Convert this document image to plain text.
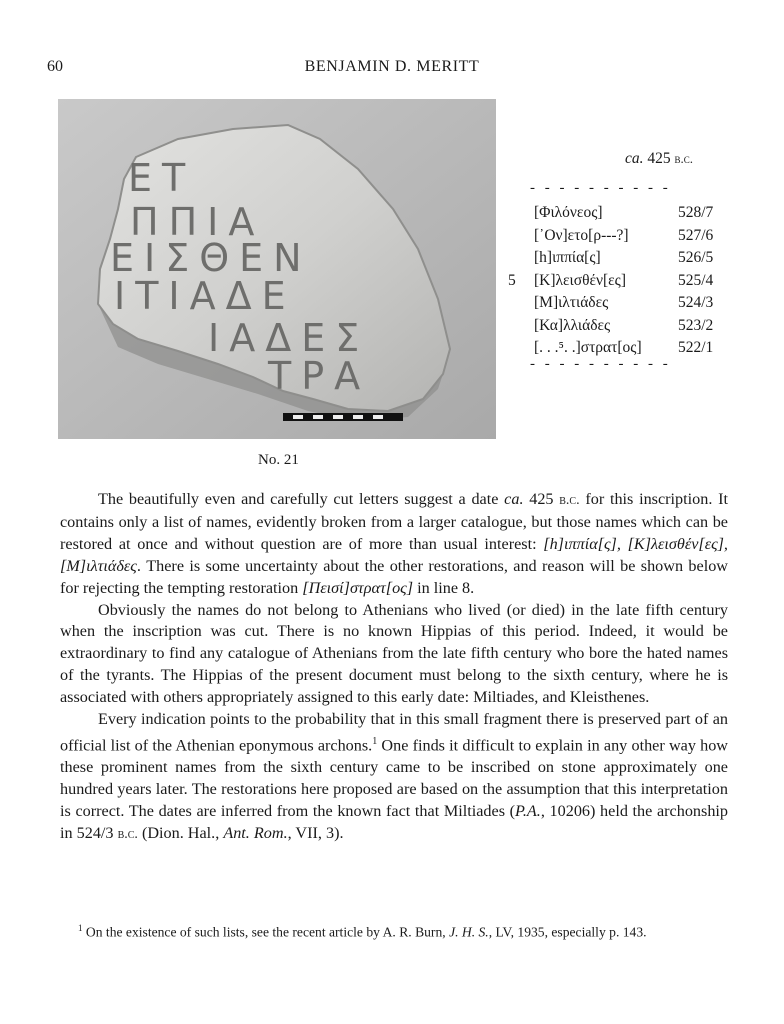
60	BENJAMIN D. MERITT
ΕΤ
ΠΠΙΑ
ΕΙΣΘΕΝ
ΙΤΙΑΔΕ
ΙΑΔΕΣ
ΤΡΑ
No. 21
ca. 425 b.c.
- - - - - - - - - -
[Φιλόνεος]	528/7
[᾿Ον]ετο[ρ---?]	527/6
[h]ιππία[ς]	526/5
5 [Κ]λεισθέν[ες]	525/4
[Μ]ιλτιάδες	524/3
[Κα]λλιάδες	523/2
[. . .⁵. .]στρατ[ος] 522/1
- - - - - - - - - -

The beautifully even and carefully cut letters suggest a date ca. 425 b.c. for this inscription. It contains only a list of names, evidently broken from a larger catalogue, but those names which can be restored at once and without question are of more than usual interest: [h]ιππία[ς], [Κ]λεισθέν[ες], [Μ]ιλτιάδες. There is some uncertainty about the other restorations, and reason will be shown below for rejecting the tempting restoration [Πεισί]στρατ[ος] in line 8.

Obviously the names do not belong to Athenians who lived (or died) in the late fifth century when the inscription was cut. There is no known Hippias of this period. Indeed, it would be extraordinary to find any catalogue of Athenians from the late fifth century who bore the hated names of the tyrants. The Hippias of the present document must belong to the sixth century, where he is associated with others appropriately assigned to this early date: Miltiades, and Kleisthenes.

Every indication points to the probability that in this small fragment there is preserved part of an official list of the Athenian eponymous archons.$^1$ One finds it difficult to explain in any other way how these prominent names from the sixth century came to be inscribed on stone approximately one hundred years later. The restorations here proposed are based on the assumption that this interpretation is correct. The dates are inferred from the known fact that Miltiades (P.A., 10206) held the archonship in 524/3 b.c. (Dion. Hal., Ant. Rom., VII, 3).

$^1$ On the existence of such lists, see the recent article by A. R. Burn, J. H. S., LV, 1935, especially p. 143.
